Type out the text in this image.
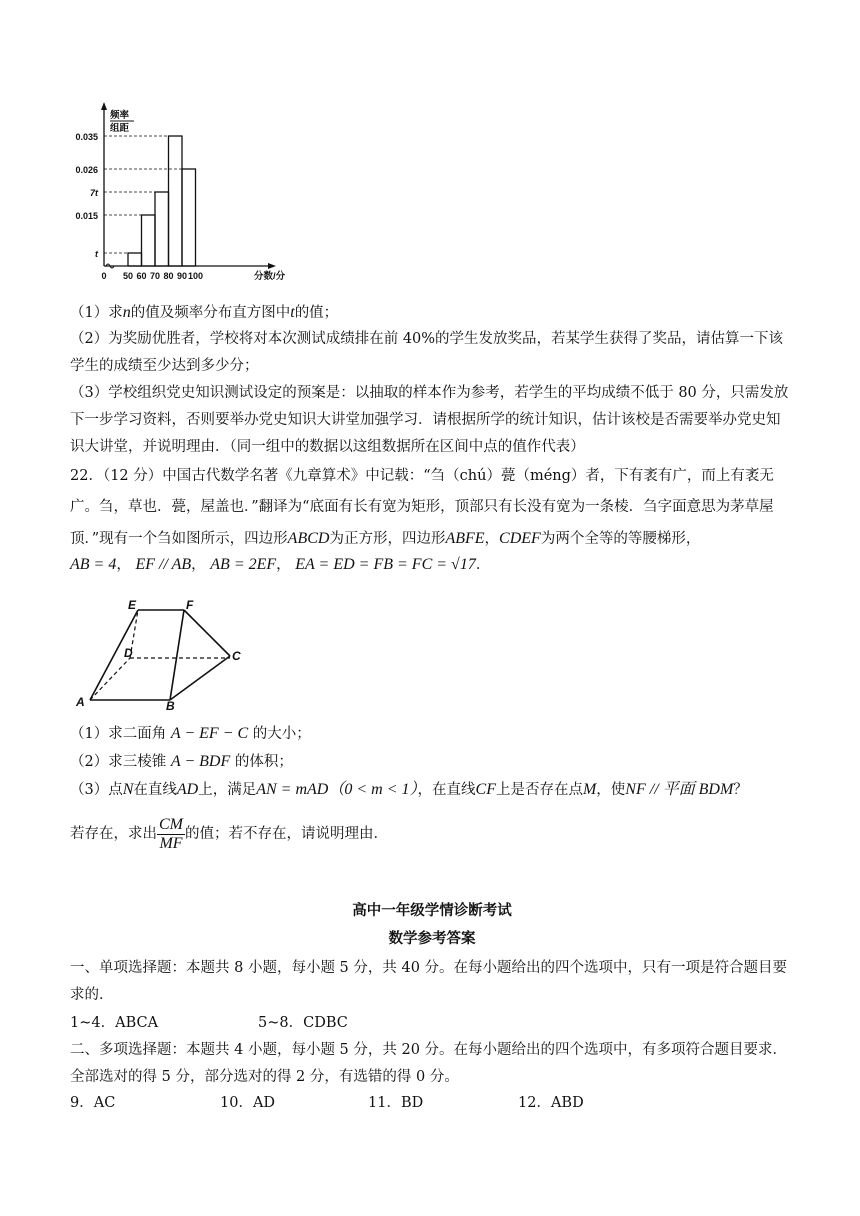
t
0.015
7t
0.026
0.035
0 50 60 70 80 90 100	分数/分
频率
组距

（1）求n的值及频率分布直方图中t的值；

（2）为奖励优胜者，学校将对本次测试成绩排在前 40%的学生发放奖品，若某学生获得了奖品，请估算一下该学生的成绩至少达到多少分；

（3）学校组织党史知识测试设定的预案是：以抽取的样本作为参考，若学生的平均成绩不低于 80 分，只需发放下一步学习资料，否则要举办党史知识大讲堂加强学习．请根据所学的统计知识，估计该校是否需要举办党史知识大讲堂，并说明理由．（同一组中的数据以这组数据所在区间中点的值作代表）

22．（12 分）中国古代数学名著《九章算术》中记载：“刍（chú）甍（méng）者，下有袤有广，而上有袤无广。刍，草也．甍，屋盖也．”翻译为“底面有长有宽为矩形，顶部只有长没有宽为一条棱．刍字面意思为茅草屋顶．”现有一个刍如图所示，四边形ABCD为正方形，四边形ABFE，CDEF为两个全等的等腰梯形，

AB = 4， EF // AB， AB = 2EF， EA = ED = FB = FC = √17．

E	F
D	C
A	B

（1）求二面角 A − EF − C 的大小；

（2）求三棱锥 A − BDF 的体积；

（3）点N在直线AD上，满足AN = mAD（0 < m < 1），在直线CF上是否存在点M，使NF // 平面 BDM？

若存在，求出 $\frac{CM}{MF}$ 的值；若不存在，请说明理由．

高中一年级学情诊断考试

数学参考答案

一、单项选择题：本题共 8 小题，每小题 5 分，共 40 分。在每小题给出的四个选项中，只有一项是符合题目要求的．

1~4．ABCA	5~8．CDBC

二、多项选择题：本题共 4 小题，每小题 5 分，共 20 分。在每小题给出的四个选项中，有多项符合题目要求．全部选对的得 5 分，部分选对的得 2 分，有选错的得 0 分。

9．AC	10．AD	11．BD	12．ABD
